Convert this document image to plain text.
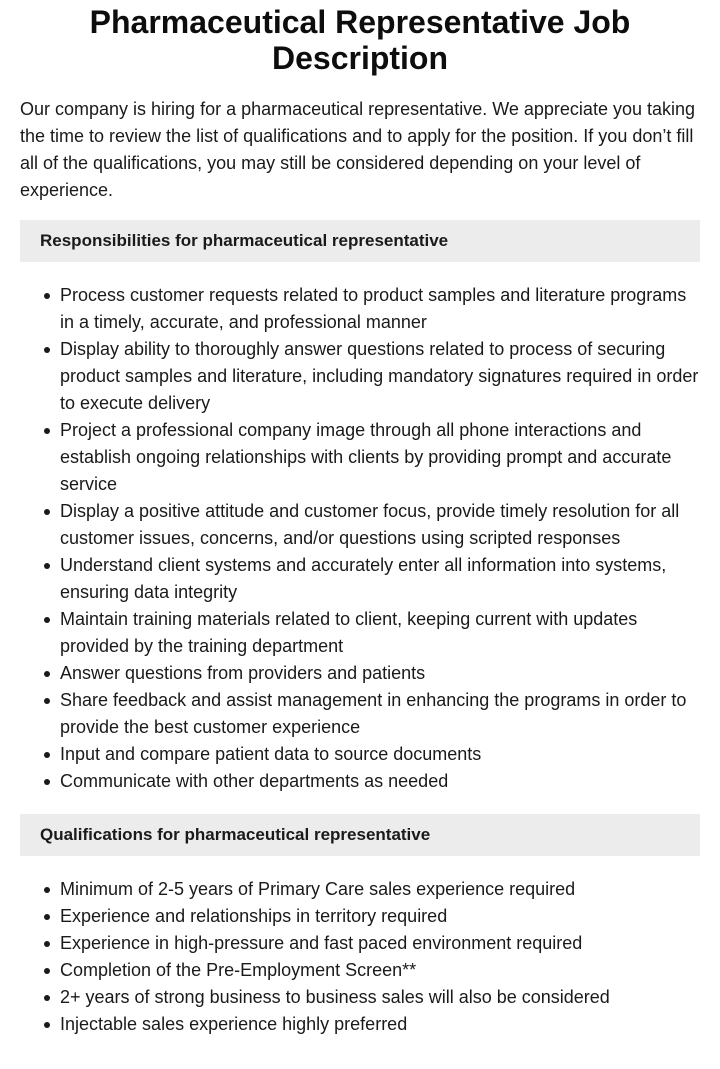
Pharmaceutical Representative Job Description

Our company is hiring for a pharmaceutical representative. We appreciate you taking the time to review the list of qualifications and to apply for the position. If you don’t fill all of the qualifications, you may still be considered depending on your level of experience.

Responsibilities for pharmaceutical representative
Process customer requests related to product samples and literature programs in a timely, accurate, and professional manner
Display ability to thoroughly answer questions related to process of securing product samples and literature, including mandatory signatures required in order to execute delivery
Project a professional company image through all phone interactions and establish ongoing relationships with clients by providing prompt and accurate service
Display a positive attitude and customer focus, provide timely resolution for all customer issues, concerns, and/or questions using scripted responses
Understand client systems and accurately enter all information into systems, ensuring data integrity
Maintain training materials related to client, keeping current with updates provided by the training department
Answer questions from providers and patients
Share feedback and assist management in enhancing the programs in order to provide the best customer experience
Input and compare patient data to source documents
Communicate with other departments as needed
Qualifications for pharmaceutical representative
Minimum of 2-5 years of Primary Care sales experience required
Experience and relationships in territory required
Experience in high-pressure and fast paced environment required
Completion of the Pre-Employment Screen**
2+ years of strong business to business sales will also be considered
Injectable sales experience highly preferred
